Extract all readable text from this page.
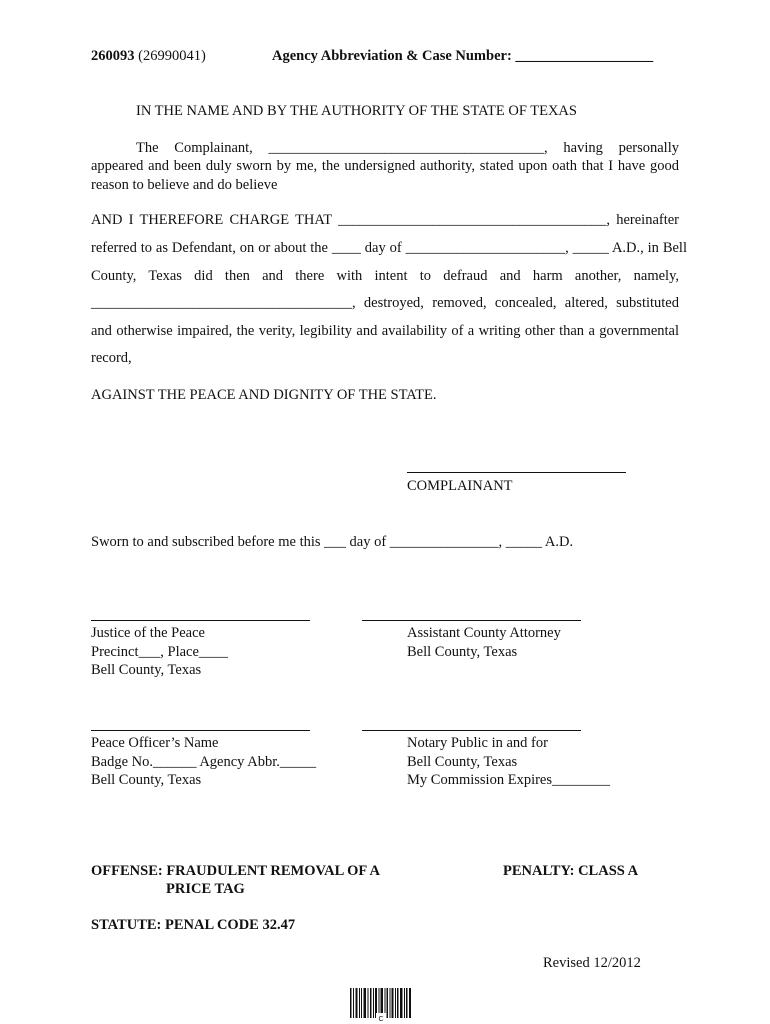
260093 (26990041)	Agency Abbreviation & Case Number: ___________________
IN THE NAME AND BY THE AUTHORITY OF THE STATE OF TEXAS
The Complainant, ______________________________________, having personally
appeared and been duly sworn by me, the undersigned authority, stated upon oath that I have good
reason to believe and do believe
AND I THEREFORE CHARGE THAT _____________________________________, hereinafter
referred to as Defendant, on or about the ____ day of ______________________, _____ A.D., in Bell
County, Texas did then and there with intent to defraud and harm another, namely,
____________________________________, destroyed, removed, concealed, altered, substituted
and otherwise impaired, the verity, legibility and availability of a writing other than a governmental
record,
AGAINST THE PEACE AND DIGNITY OF THE STATE.
COMPLAINANT
Sworn to and subscribed before me this ___ day of _______________, _____ A.D.
Justice of the Peace
Precinct___, Place____
Bell County, Texas
Assistant County Attorney
Bell County, Texas
Peace Officer’s Name
Badge No.______ Agency Abbr._____
Bell County, Texas
Notary Public in and for
Bell County, Texas
My Commission Expires________
OFFENSE: FRAUDULENT REMOVAL OF A
PRICE TAG
PENALTY: CLASS A
STATUTE: PENAL CODE 32.47
Revised 12/2012
C
